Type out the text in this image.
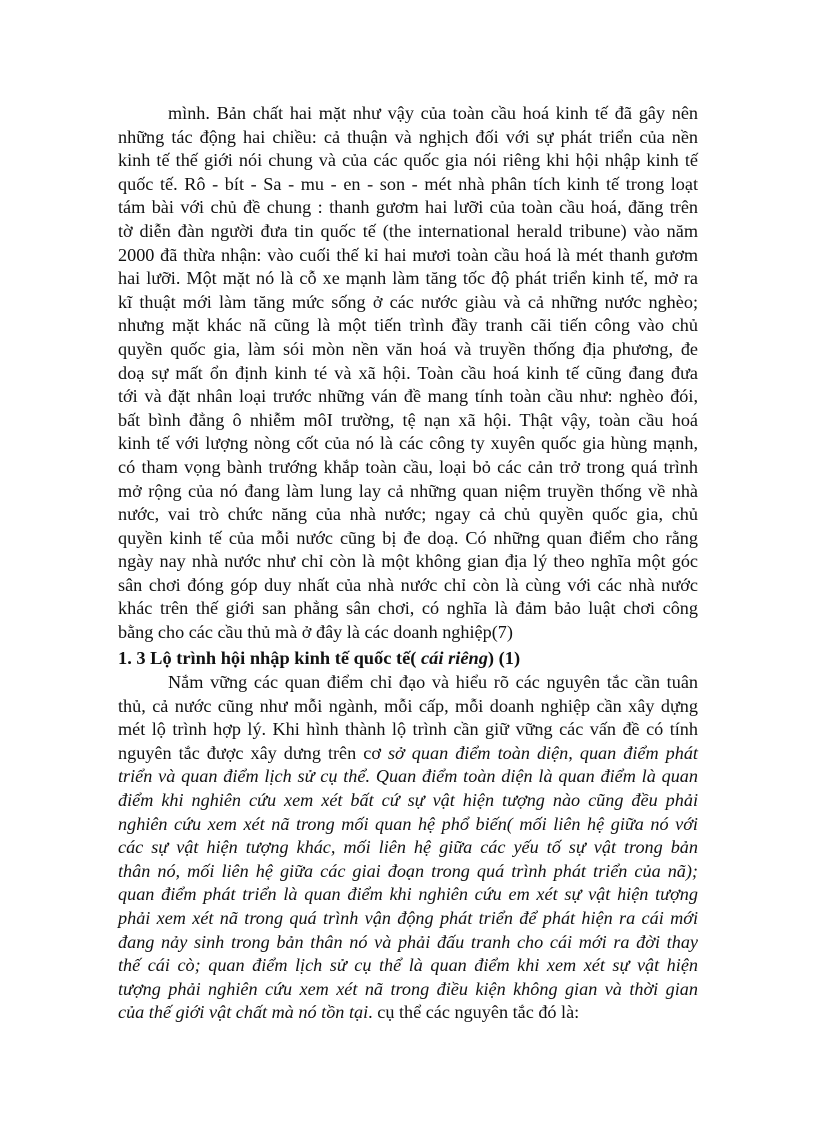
mình. Bản chất hai mặt như vậy của toàn cầu hoá kinh tế đã gây nên
những tác động hai chiều: cả thuận và nghịch đối với sự phát triển của nền
kinh tế thế giới nói chung và của các quốc gia nói riêng khi hội nhập kinh tế
quốc tế. Rô - bít - Sa - mu - en - son - mét nhà phân tích kinh tế trong loạt
tám bài với chủ đề chung : thanh gươm hai lưỡi của toàn cầu hoá, đăng trên
tờ diễn đàn người đưa tin quốc tế (the international herald tribune) vào năm
2000 đã thừa nhận: vào cuối thế kỉ hai mươi toàn cầu hoá là mét thanh gươm
hai lưỡi. Một mặt nó là cỗ xe mạnh làm tăng tốc độ phát triển kinh tế, mở ra
kĩ thuật mới làm tăng mức sống ở các nước giàu và cả những nước nghèo;
nhưng mặt khác nã cũng là một tiến trình đầy tranh cãi tiến công vào chủ
quyền quốc gia, làm sói mòn nền văn hoá và truyền thống địa phương, đe
doạ sự mất ổn định kinh té và xã hội. Toàn cầu hoá kinh tế cũng đang đưa
tới và đặt nhân loại trước những ván đề mang tính toàn cầu như: nghèo đói,
bất bình đẳng ô nhiễm môI trường, tệ nạn xã hội. Thật vậy, toàn cầu hoá
kinh tế với lượng nòng cốt của nó là các công ty xuyên quốc gia hùng mạnh,
có tham vọng bành trướng khắp toàn cầu, loại bỏ các cản trở trong quá trình
mở rộng của nó đang làm lung lay cả những quan niệm truyền thống về nhà
nước, vai trò chức năng của nhà nước; ngay cả chủ quyền quốc gia, chủ
quyền kinh tế của mỗi nước cũng bị đe doạ. Có những quan điểm cho rằng
ngày nay nhà nước như chỉ còn là một không gian địa lý theo nghĩa một góc
sân chơi đóng góp duy nhất của nhà nước chỉ còn là cùng với các nhà nước
khác trên thế giới san phẳng sân chơi, có nghĩa là đảm bảo luật chơi công
bằng cho các cầu thủ mà ở đây là các doanh nghiệp(7)
1. 3 Lộ trình hội nhập kinh tế quốc tế( cái riêng) (1)
Nắm vững các quan điểm chỉ đạo và hiểu rõ các nguyên tắc cần tuân
thủ, cả nước cũng như mỗi ngành, mỗi cấp, mỗi doanh nghiệp cần xây dựng
mét lộ trình hợp lý. Khi hình thành lộ trình cần giữ vững các vấn đề có tính
nguyên tắc được xây dưng trên cơ sở quan điểm toàn diện, quan điểm phát
triển và quan điểm lịch sử cụ thể. Quan điểm toàn diện là quan điểm là quan
điểm khi nghiên cứu xem xét bất cứ sự vật hiện tượng nào cũng đều phải
nghiên cứu xem xét nã trong mối quan hệ phổ biến( mối liên hệ giữa nó với
các sự vật hiện tượng khác, mối liên hệ giữa các yếu tố sự vật trong bản
thân nó, mối liên hệ giữa các giai đoạn trong quá trình phát triển của nã);
quan điểm phát triển là quan điểm khi nghiên cứu em xét sự vật hiện tượng
phải xem xét nã trong quá trình vận động phát triển để phát hiện ra cái mới
đang nảy sinh trong bản thân nó và phải đấu tranh cho cái mới ra đời thay
thế cái cò; quan điểm lịch sử cụ thể là quan điểm khi xem xét sự vật hiện
tượng phải nghiên cứu xem xét nã trong điều kiện không gian và thời gian
của thế giới vật chất mà nó tồn tại. cụ thể các nguyên tắc đó là:
